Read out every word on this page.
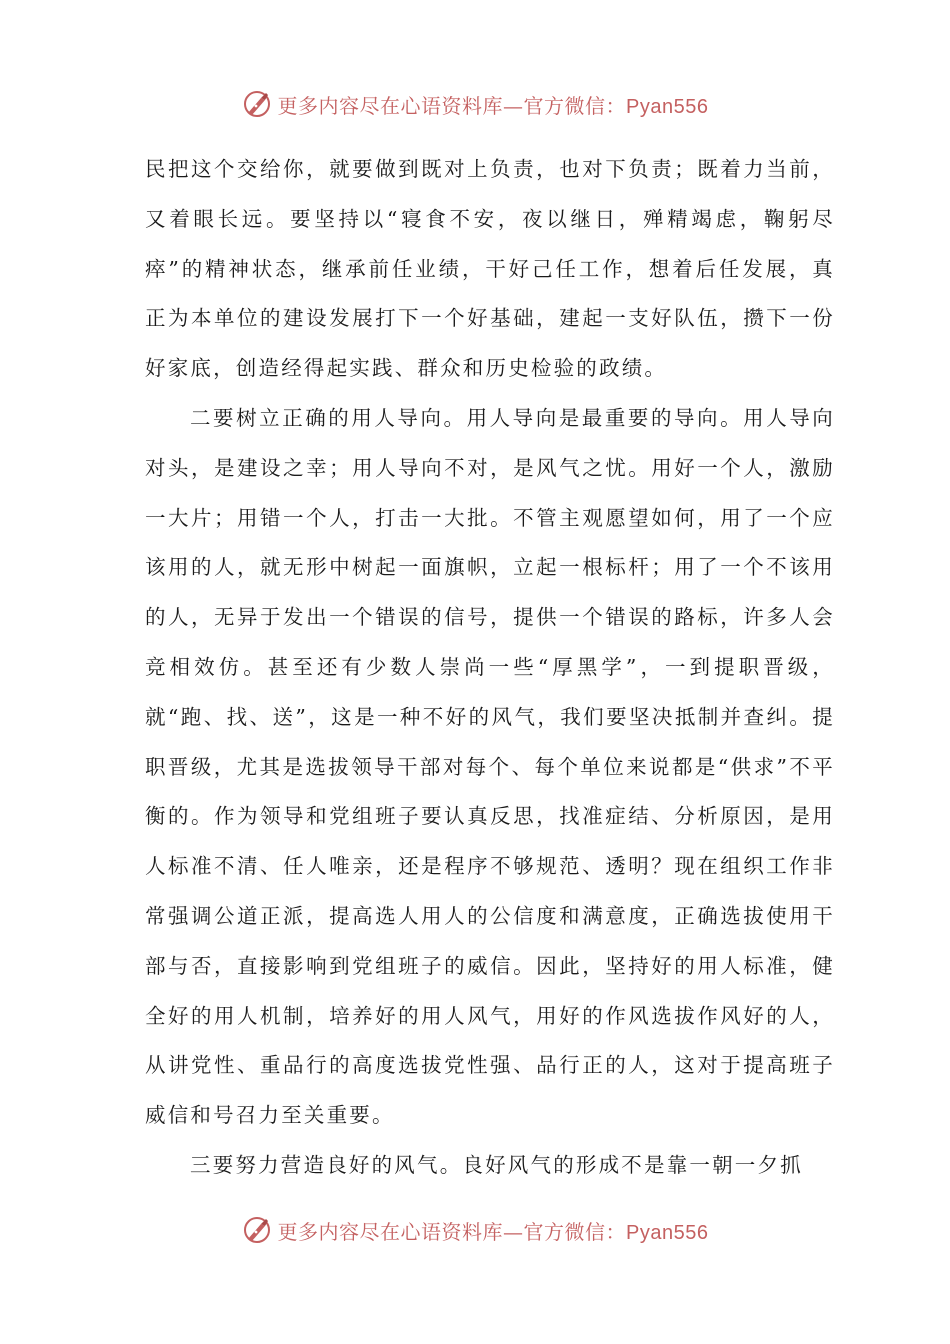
更多内容尽在心语资料库—官方微信：Pyan556

民把这个交给你，就要做到既对上负责，也对下负责；既着力当前，又着眼长远。要坚持以“寝食不安，夜以继日，殚精竭虑，鞠躬尽瘁”的精神状态，继承前任业绩，干好己任工作，想着后任发展，真正为本单位的建设发展打下一个好基础，建起一支好队伍，攒下一份好家底，创造经得起实践、群众和历史检验的政绩。

二要树立正确的用人导向。用人导向是最重要的导向。用人导向对头，是建设之幸；用人导向不对，是风气之忧。用好一个人，激励一大片；用错一个人，打击一大批。不管主观愿望如何，用了一个应该用的人，就无形中树起一面旗帜，立起一根标杆；用了一个不该用的人，无异于发出一个错误的信号，提供一个错误的路标，许多人会竞相效仿。甚至还有少数人崇尚一些“厚黑学”，一到提职晋级，就“跑、找、送”，这是一种不好的风气，我们要坚决抵制并查纠。提职晋级，尤其是选拔领导干部对每个、每个单位来说都是“供求”不平衡的。作为领导和党组班子要认真反思，找准症结、分析原因，是用人标准不清、任人唯亲，还是程序不够规范、透明？现在组织工作非常强调公道正派，提高选人用人的公信度和满意度，正确选拔使用干部与否，直接影响到党组班子的威信。因此，坚持好的用人标准，健全好的用人机制，培养好的用人风气，用好的作风选拔作风好的人，从讲党性、重品行的高度选拔党性强、品行正的人，这对于提高班子威信和号召力至关重要。

三要努力营造良好的风气。良好风气的形成不是靠一朝一夕抓

更多内容尽在心语资料库—官方微信：Pyan556
